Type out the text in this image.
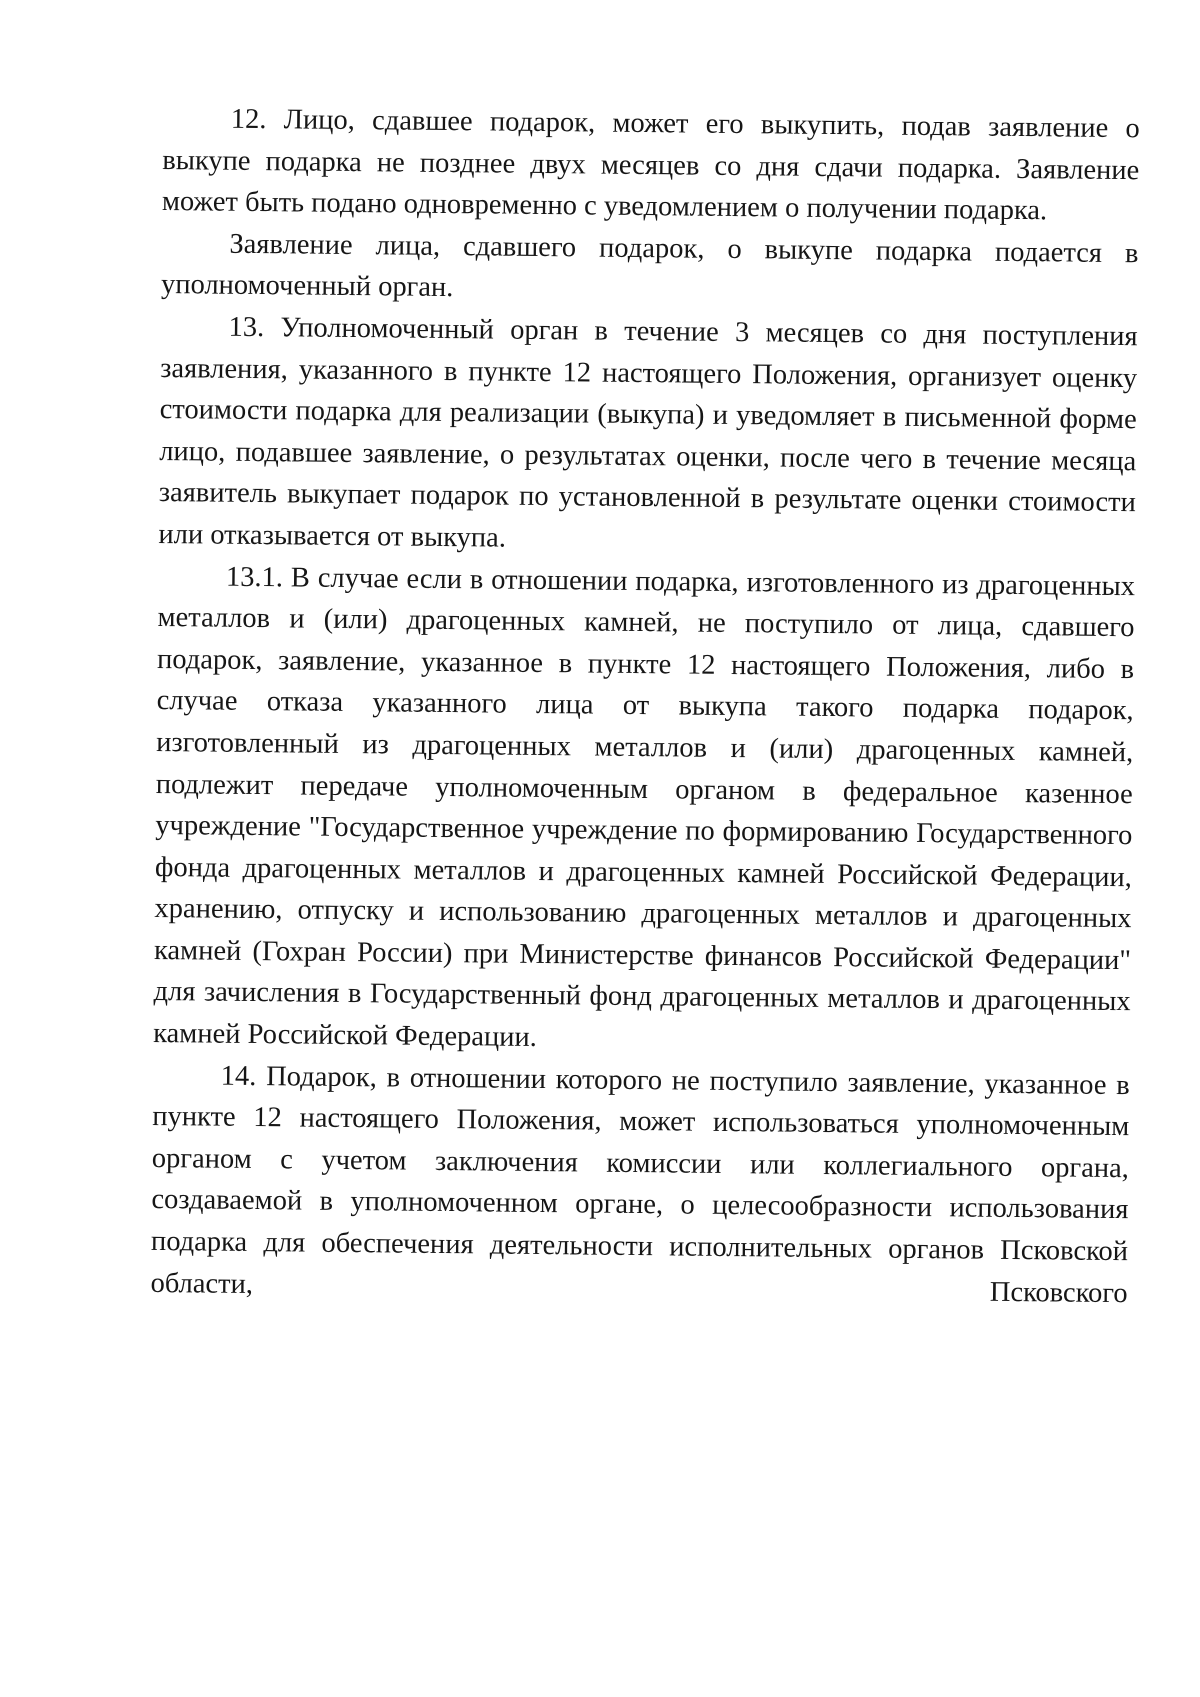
12. Лицо, сдавшее подарок, может его выкупить, подав заявление о выкупе подарка не позднее двух месяцев со дня сдачи подарка. Заявление может быть подано одновременно с уведомлением о получении подарка.

Заявление лица, сдавшего подарок, о выкупе подарка подается в уполномоченный орган.

13. Уполномоченный орган в течение 3 месяцев со дня поступления заявления, указанного в пункте 12 настоящего Положения, организует оценку стоимости подарка для реализации (выкупа) и уведомляет в письменной форме лицо, подавшее заявление, о результатах оценки, после чего в течение месяца заявитель выкупает подарок по установленной в результате оценки стоимости или отказывается от выкупа.

13.1. В случае если в отношении подарка, изготовленного из драгоценных металлов и (или) драгоценных камней, не поступило от лица, сдавшего подарок, заявление, указанное в пункте 12 настоящего Положения, либо в случае отказа указанного лица от выкупа такого подарка подарок, изготовленный из драгоценных металлов и (или) драгоценных камней, подлежит передаче уполномоченным органом в федеральное казенное учреждение "Государственное учреждение по формированию Государственного фонда драгоценных металлов и драгоценных камней Российской Федерации, хранению, отпуску и использованию драгоценных металлов и драгоценных камней (Гохран России) при Министерстве финансов Российской Федерации" для зачисления в Государственный фонд драгоценных металлов и драгоценных камней Российской Федерации.

14. Подарок, в отношении которого не поступило заявление, указанное в пункте 12 настоящего Положения, может использоваться уполномоченным органом с учетом заключения комиссии или коллегиального органа, создаваемой в уполномоченном органе, о целесообразности использования подарка для обеспечения деятельности исполнительных органов Псковской области, Псковского
